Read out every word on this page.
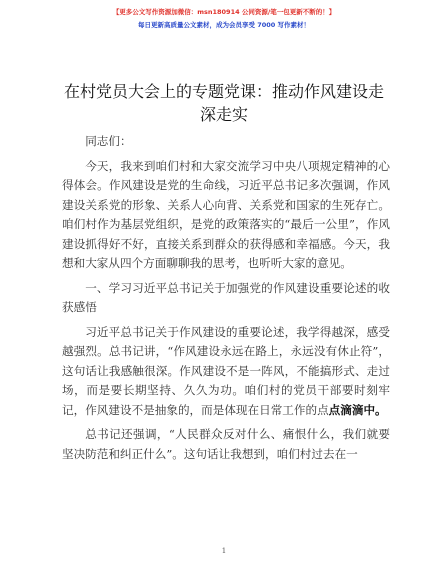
【更多公文写作资源加微信：msn180914 公同资源/笔一包更新不断的！】
每日更新高质量公文素材，成为会员享受 7000 写作素材！
在村党员大会上的专题党课：推动作风建设走深走实

同志们：

今天，我来到咱们村和大家交流学习中央八项规定精神的心得体会。作风建设是党的生命线，习近平总书记多次强调，作风建设关系党的形象、关系人心向背、关系党和国家的生死存亡。咱们村作为基层党组织，是党的政策落实的“最后一公里”，作风建设抓得好不好，直接关系到群众的获得感和幸福感。今天，我想和大家从四个方面聊聊我的思考，也听听大家的意见。

一、学习习近平总书记关于加强党的作风建设重要论述的收获感悟

习近平总书记关于作风建设的重要论述，我学得越深，感受越强烈。总书记讲，“作风建设永远在路上，永远没有休止符”，这句话让我感触很深。作风建设不是一阵风，不能搞形式、走过场，而是要长期坚持、久久为功。咱们村的党员干部要时刻牢记，作风建设不是抽象的，而是体现在日常工作的点点滴滴中。

总书记还强调，“人民群众反对什么、痛恨什么，我们就要坚决防范和纠正什么”。这句话让我想到，咱们村过去在一

1
